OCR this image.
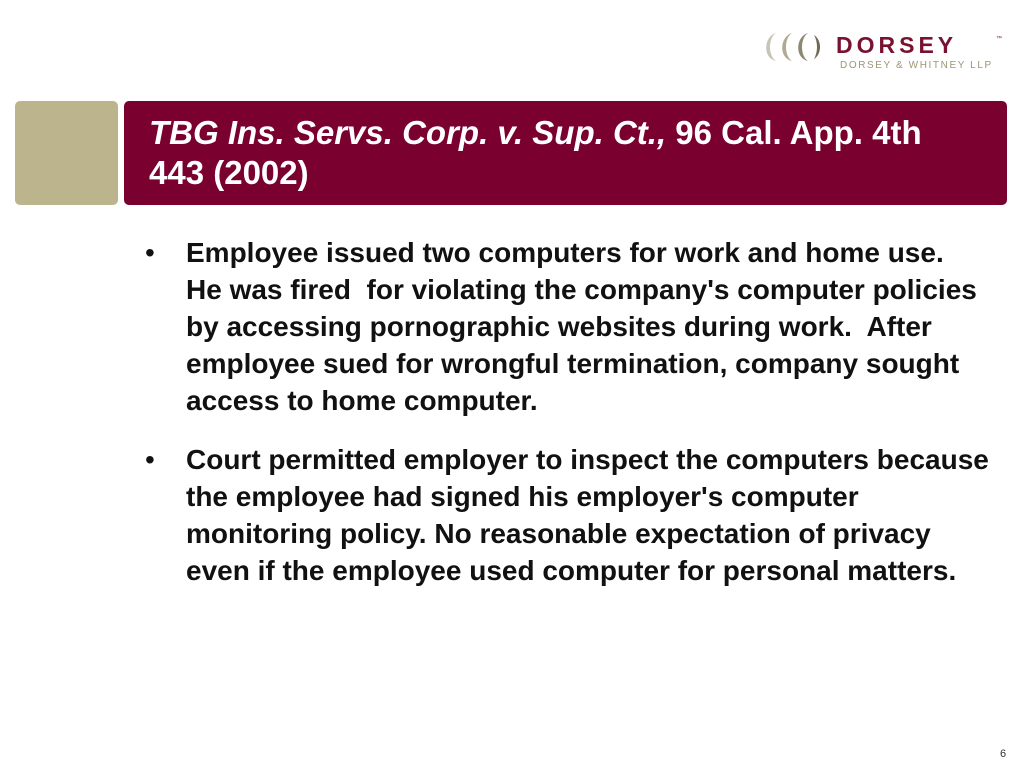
DORSEY	™
DORSEY & WHITNEY LLP
TBG Ins. Servs. Corp. v. Sup. Ct., 96 Cal. App. 4th 443 (2002)
• Employee issued two computers for work and home use.  He was fired  for violating the company's computer policies by accessing pornographic websites during work.  After employee sued for wrongful termination, company sought access to home computer.
• Court permitted employer to inspect the computers because the employee had signed his employer's computer monitoring policy. No reasonable expectation of privacy even if the employee used computer for personal matters.
6
